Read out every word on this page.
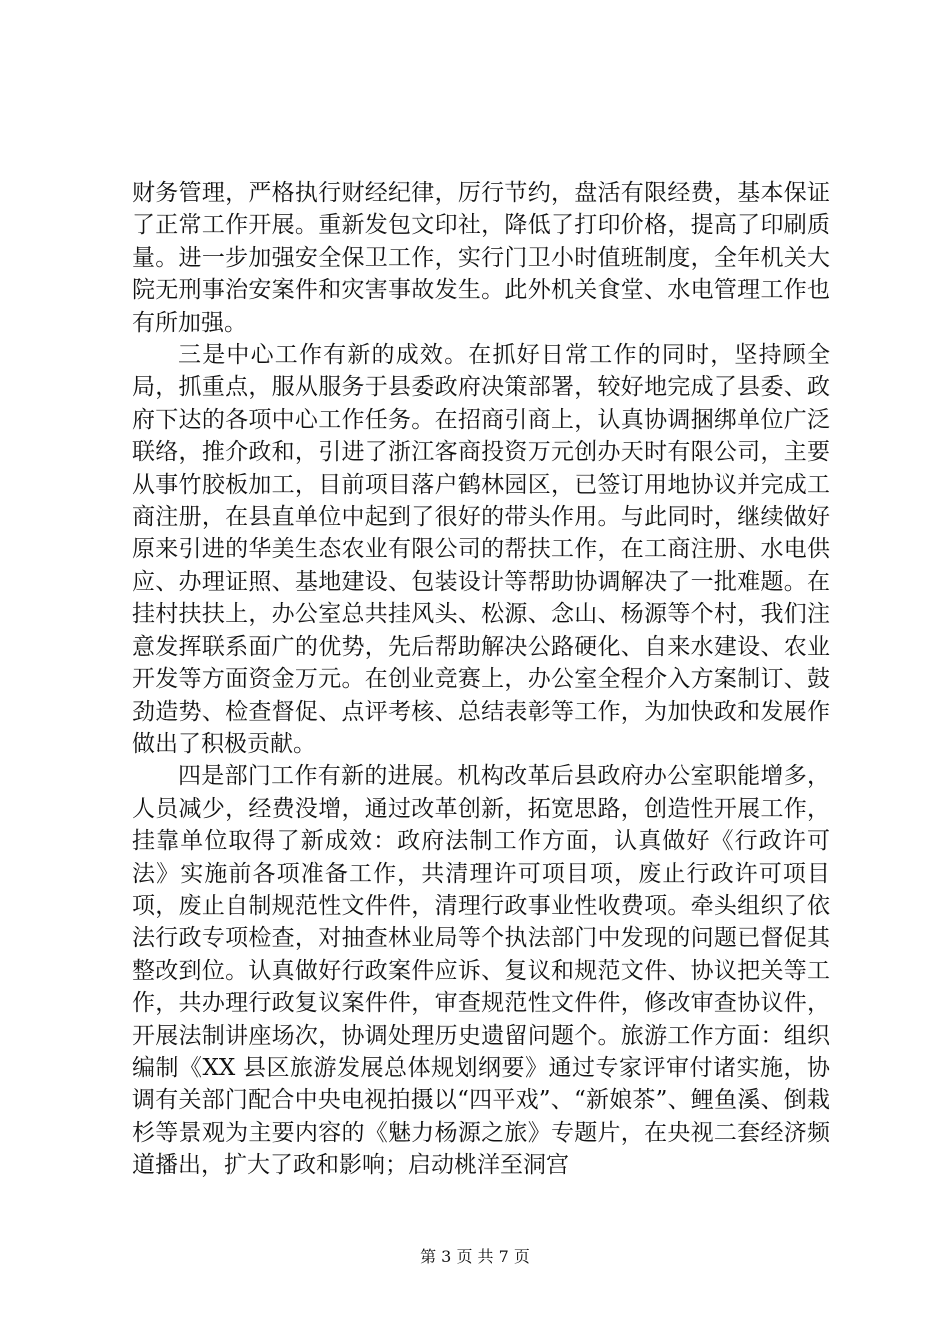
财务管理，严格执行财经纪律，厉行节约，盘活有限经费，基本保证了正常工作开展。重新发包文印社，降低了打印价格，提高了印刷质量。进一步加强安全保卫工作，实行门卫小时值班制度，全年机关大院无刑事治安案件和灾害事故发生。此外机关食堂、水电管理工作也有所加强。

三是中心工作有新的成效。在抓好日常工作的同时，坚持顾全局，抓重点，服从服务于县委政府决策部署，较好地完成了县委、政府下达的各项中心工作任务。在招商引商上，认真协调捆绑单位广泛联络，推介政和，引进了浙江客商投资万元创办天时有限公司，主要从事竹胶板加工，目前项目落户鹤林园区，已签订用地协议并完成工商注册，在县直单位中起到了很好的带头作用。与此同时，继续做好原来引进的华美生态农业有限公司的帮扶工作，在工商注册、水电供应、办理证照、基地建设、包装设计等帮助协调解决了一批难题。在挂村扶扶上，办公室总共挂风头、松源、念山、杨源等个村，我们注意发挥联系面广的优势，先后帮助解决公路硬化、自来水建设、农业开发等方面资金万元。在创业竞赛上，办公室全程介入方案制订、鼓劲造势、检查督促、点评考核、总结表彰等工作，为加快政和发展作做出了积极贡献。

四是部门工作有新的进展。机构改革后县政府办公室职能增多，人员减少，经费没增，通过改革创新，拓宽思路，创造性开展工作，挂靠单位取得了新成效：政府法制工作方面，认真做好《行政许可法》实施前各项准备工作，共清理许可项目项，废止行政许可项目项，废止自制规范性文件件，清理行政事业性收费项。牵头组织了依法行政专项检查，对抽查林业局等个执法部门中发现的问题已督促其整改到位。认真做好行政案件应诉、复议和规范文件、协议把关等工作，共办理行政复议案件件，审查规范性文件件，修改审查协议件，开展法制讲座场次，协调处理历史遗留问题个。旅游工作方面：组织编制《XX 县区旅游发展总体规划纲要》通过专家评审付诸实施，协调有关部门配合中央电视拍摄以“四平戏”、“新娘茶”、鲤鱼溪、倒栽杉等景观为主要内容的《魅力杨源之旅》专题片，在央视二套经济频道播出，扩大了政和影响；启动桃洋至洞宫

第 3 页 共 7 页
